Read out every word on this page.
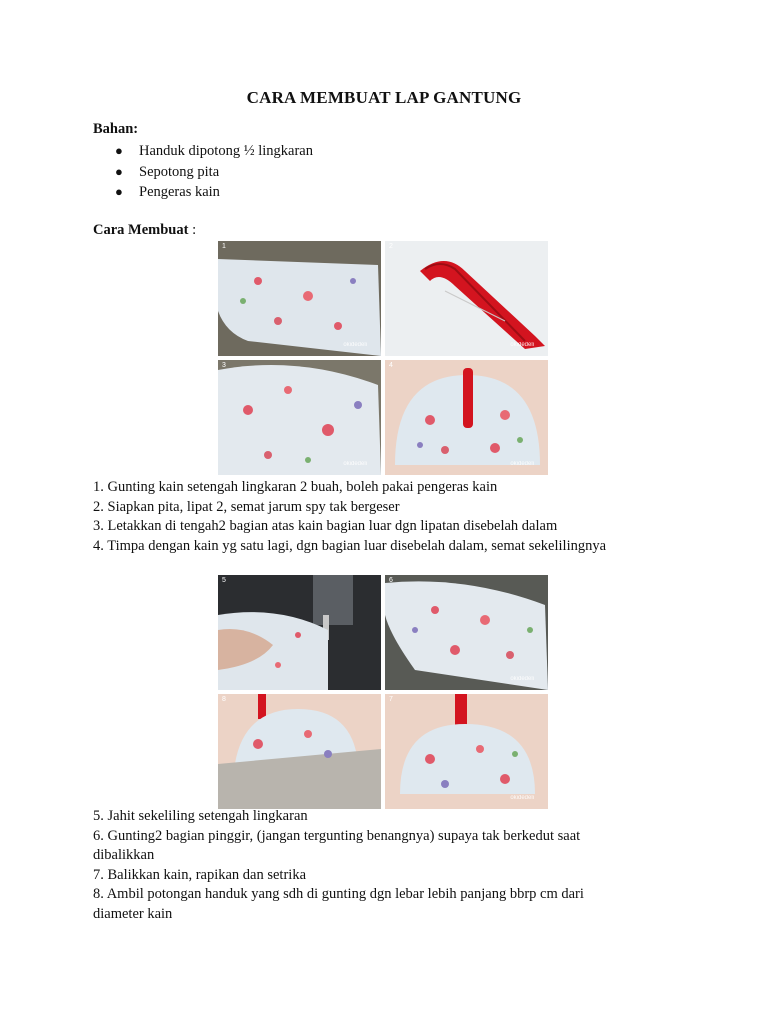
CARA MEMBUAT LAP GANTUNG
Bahan:
● Handuk dipotong ½ lingkaran
● Sepotong pita
● Pengeras kain
Cara Membuat :
1
okidedeli
2
okidedeli
3
okidedeli
4
okidedeli

1. Gunting kain setengah lingkaran 2 buah, boleh pakai pengeras kain

2. Siapkan pita, lipat 2, semat jarum spy tak bergeser

3. Letakkan di tengah2 bagian atas kain bagian luar dgn lipatan disebelah dalam

4. Timpa dengan kain yg satu lagi, dgn bagian luar disebelah dalam, semat sekelilingnya

5	6
okidedeli
8	7
okidedeli

5. Jahit sekeliling setengah lingkaran

6. Gunting2 bagian pinggir, (jangan tergunting benangnya) supaya tak berkedut saat dibalikkan

7. Balikkan kain, rapikan dan setrika

8. Ambil potongan handuk yang sdh di gunting dgn lebar lebih panjang bbrp cm dari diameter kain
